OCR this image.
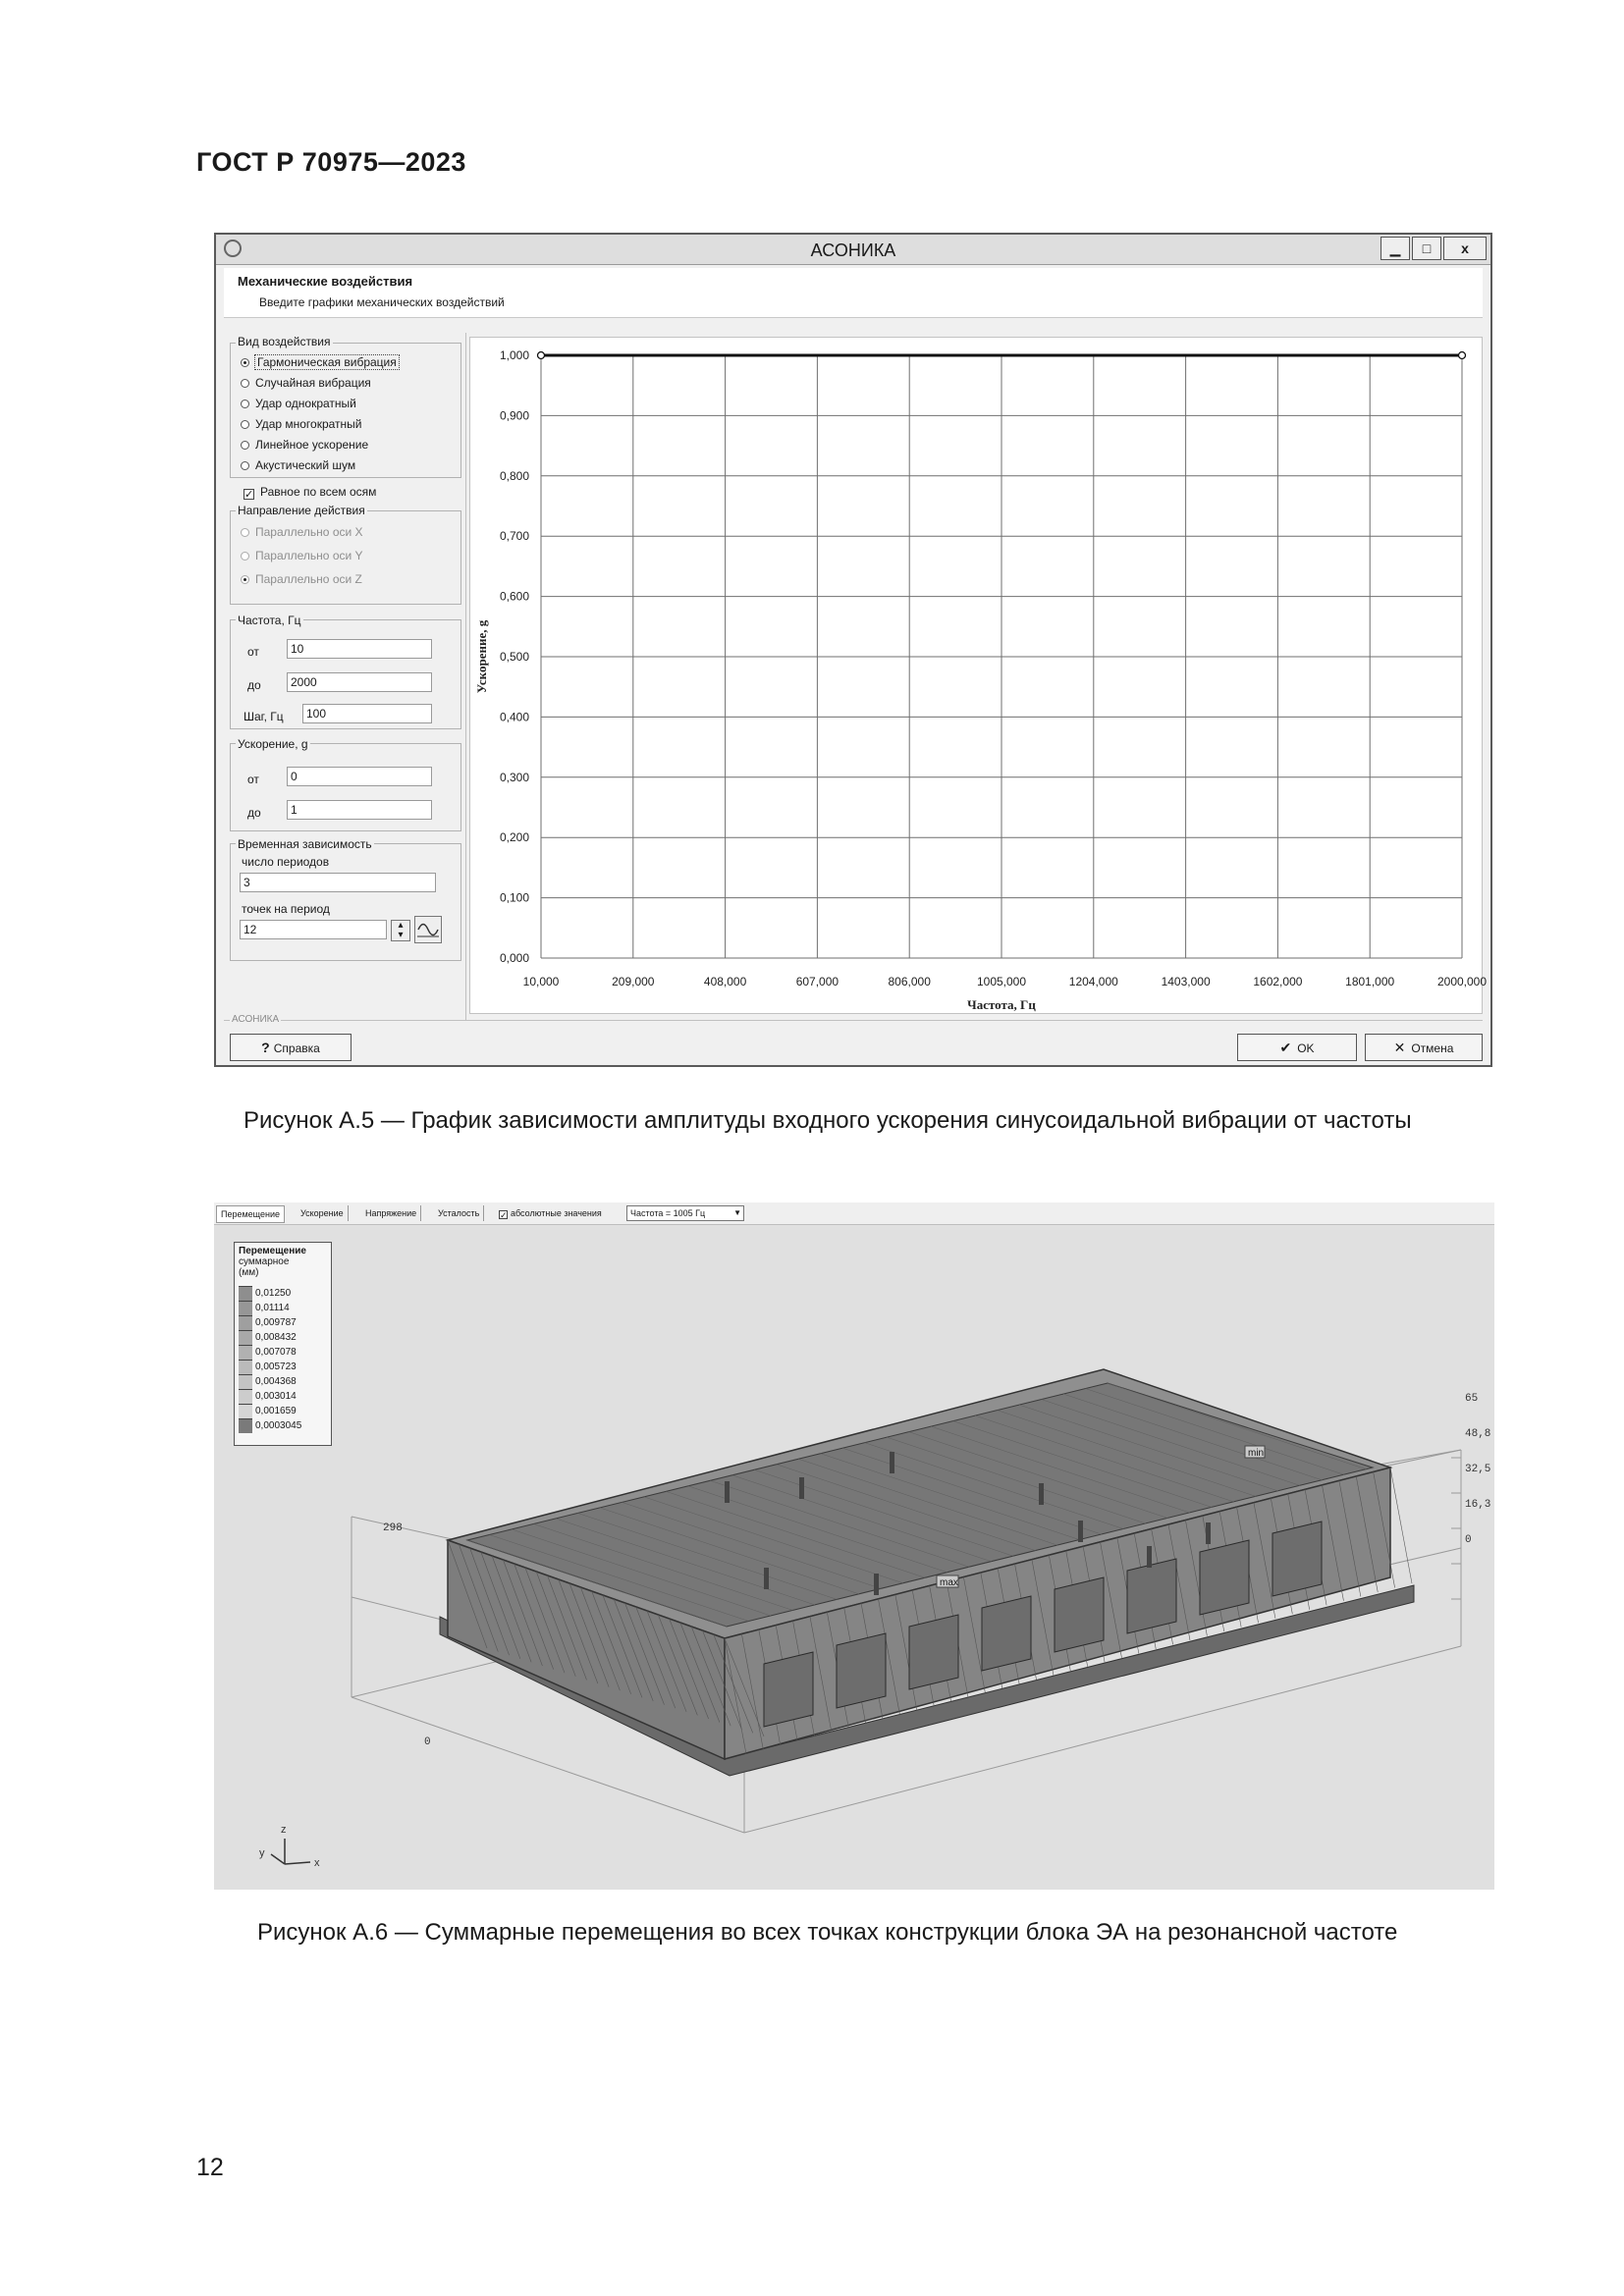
ГОСТ Р 70975—2023
АСОНИКА	▁	□	x
Механические воздействия
Введите графики механических воздействий
Гармоническая вибрация
Случайная вибрация
Удар однократный
Удар многократный
Линейное ускорение
Акустический шум
Вид воздействия
✓ Равное по всем осям
Параллельно оси X
Параллельно оси Y
Параллельно оси Z
Направление действия
Частота, Гц
от	10
до	2000
Шаг, Гц	100
Ускорение, g
от	0
до	1
Временная зависимость
число периодов
3
точек на период
12	▴
▾
10,000	209,000	408,000	607,000	806,000	1005,000	1204,000	1403,000	1602,000	1801,000	2000,000
0,000
0,100
0,200
0,300
0,400
0,500
0,600
0,700
0,800
0,900
1,000
Частота, Гц
Ускорение, g
АСОНИКА
? Справка	✔ OK	✕ Отмена
Рисунок А.5 — График зависимости амплитуды входного ускорения синусоидальной вибрации от частоты
Перемещение	Ускорение	Напряжение	Усталость	✓ абсолютные значения	Частота = 1005 Гц	▼
Перемещение
суммарное
(мм)
0,01250
0,01114
0,009787
0,008432
0,007078
0,005723
0,004368
0,003014
0,001659
0,0003045
max
min
65
48,8
32,5
16,3
0
298
0
z
y
x
Рисунок А.6 — Суммарные перемещения во всех точках конструкции блока ЭА на резонансной частоте
12
